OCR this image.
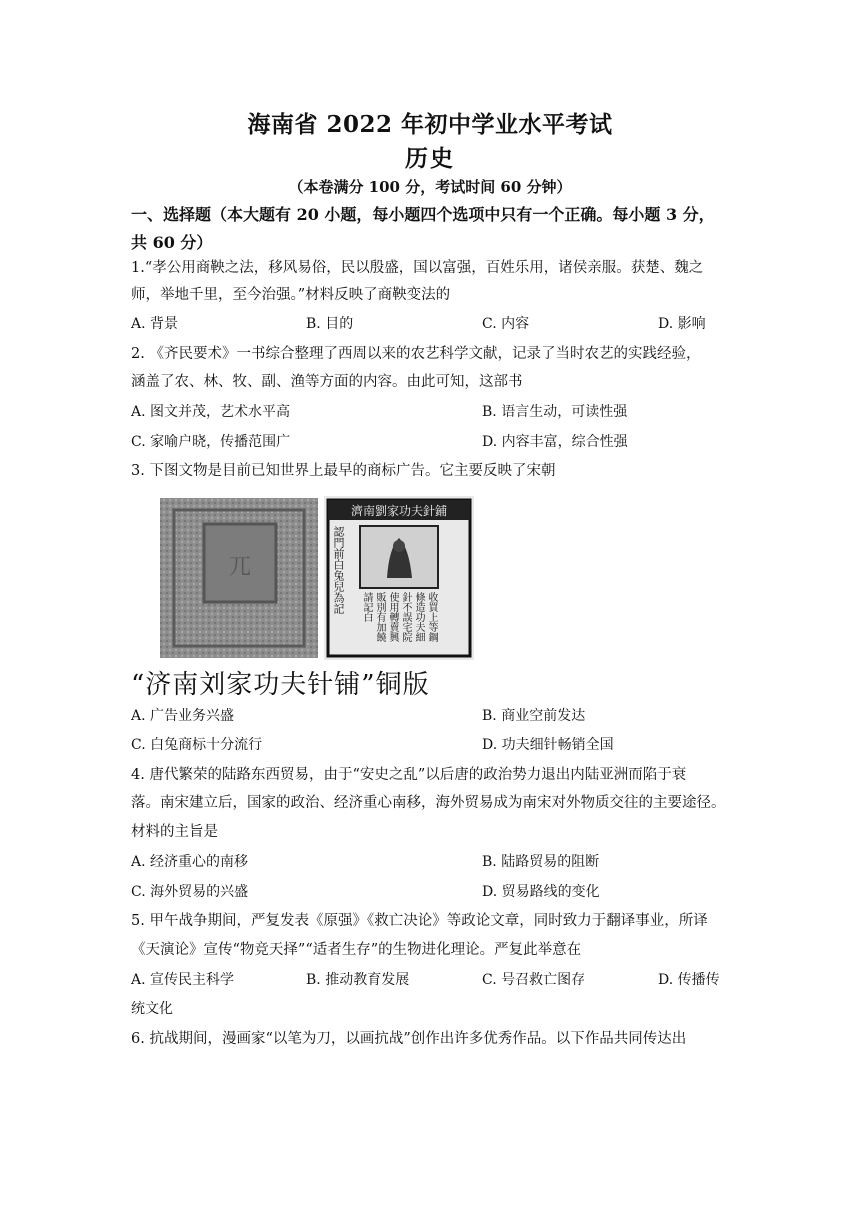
海南省 2022 年初中学业水平考试
历史
（本卷满分 100 分，考试时间 60 分钟）
一、选择题（本大题有 20 小题，每小题四个选项中只有一个正确。每小题 3 分，
共 60 分）
1.“孝公用商鞅之法，移风易俗，民以殷盛，国以富强，百姓乐用，诸侯亲服。获楚、魏之
师，举地千里，至今治强。”材料反映了商鞅变法的
A. 背景	B. 目的	C. 内容	D. 影响
2. 《齐民要术》一书综合整理了西周以来的农艺科学文献，记录了当时农艺的实践经验，
涵盖了农、林、牧、副、渔等方面的内容。由此可知，这部书
A. 图文并茂，艺术水平高	B. 语言生动，可读性强
C. 家喻户晓，传播范围广	D. 内容丰富，综合性强
3. 下图文物是目前已知世界上最早的商标广告。它主要反映了宋朝
兀
濟南劉家功夫針鋪
認門前白兔兒為記
收買上等鋼條造功夫細針不誤宅院使用轉賣興販別有加饒請記白
“济南刘家功夫针铺”铜版
A. 广告业务兴盛	B. 商业空前发达
C. 白兔商标十分流行	D. 功夫细针畅销全国
4. 唐代繁荣的陆路东西贸易，由于“安史之乱”以后唐的政治势力退出内陆亚洲而陷于衰
落。南宋建立后，国家的政治、经济重心南移，海外贸易成为南宋对外物质交往的主要途径。
材料的主旨是
A. 经济重心的南移	B. 陆路贸易的阻断
C. 海外贸易的兴盛	D. 贸易路线的变化
5. 甲午战争期间，严复发表《原强》《救亡决论》等政论文章，同时致力于翻译事业，所译
《天演论》宣传“物竞天择”“适者生存”的生物进化理论。严复此举意在
A. 宣传民主科学	B. 推动教育发展	C. 号召救亡图存	D. 传播传
统文化
6. 抗战期间，漫画家“以笔为刀，以画抗战”创作出许多优秀作品。以下作品共同传达出
